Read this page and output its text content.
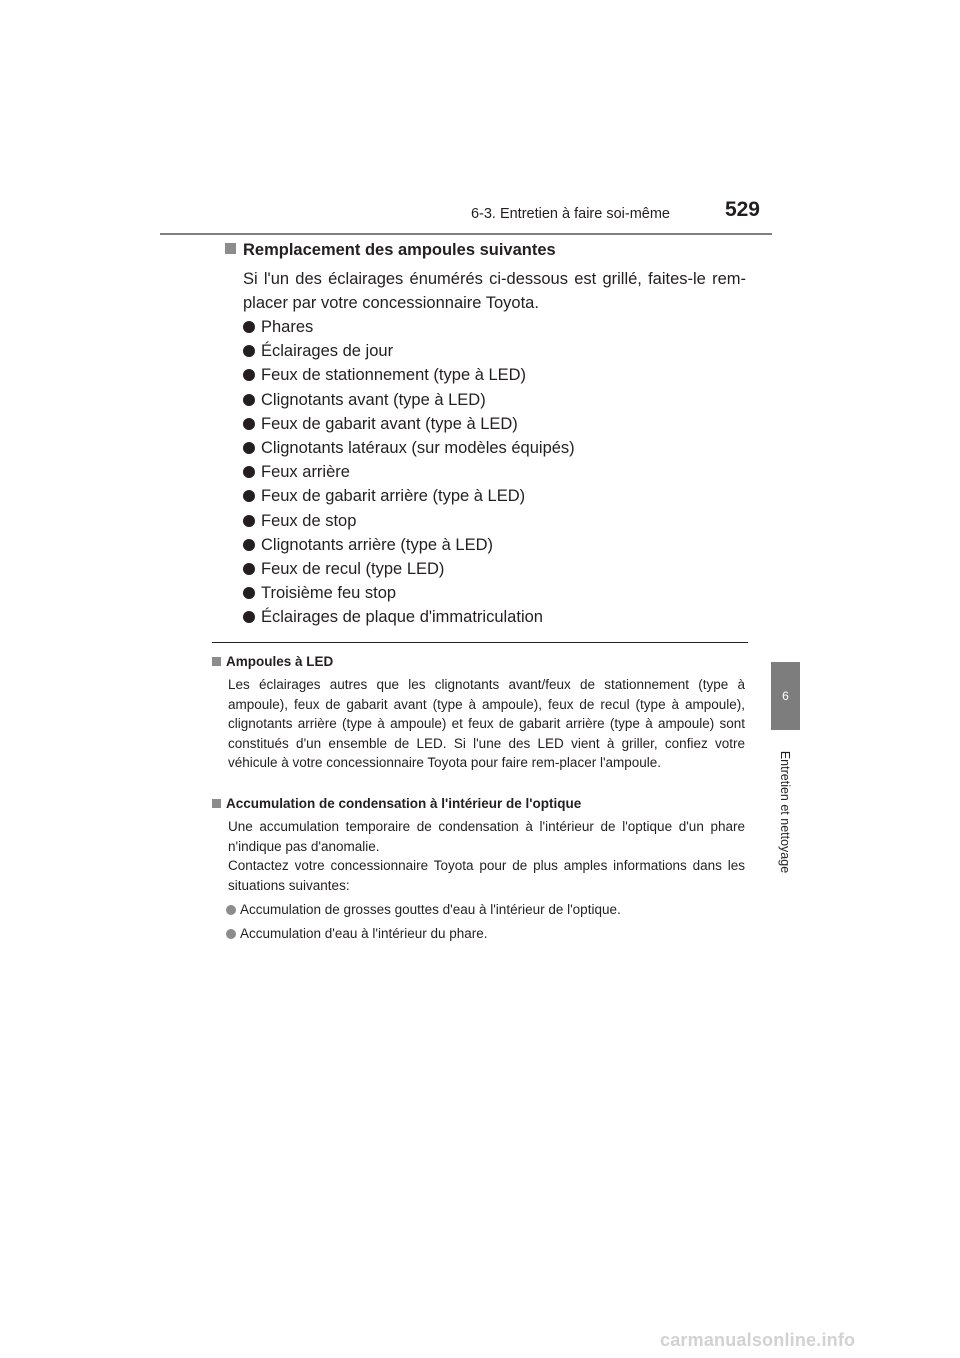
6-3. Entretien à faire soi-même	529
6
Entretien et nettoyage
Remplacement des ampoules suivantes
Si l'un des éclairages énumérés ci-dessous est grillé, faites-le rem-placer par votre concessionnaire Toyota.
Phares
Éclairages de jour
Feux de stationnement (type à LED)
Clignotants avant (type à LED)
Feux de gabarit avant (type à LED)
Clignotants latéraux (sur modèles équipés)
Feux arrière
Feux de gabarit arrière (type à LED)
Feux de stop
Clignotants arrière (type à LED)
Feux de recul (type LED)
Troisième feu stop
Éclairages de plaque d'immatriculation
Ampoules à LED

Les éclairages autres que les clignotants avant/feux de stationnement (type à ampoule), feux de gabarit avant (type à ampoule), feux de recul (type à ampoule), clignotants arrière (type à ampoule) et feux de gabarit arrière (type à ampoule) sont constitués d'un ensemble de LED. Si l'une des LED vient à griller, confiez votre véhicule à votre concessionnaire Toyota pour faire rem-placer l'ampoule.

Accumulation de condensation à l'intérieur de l'optique

Une accumulation temporaire de condensation à l'intérieur de l'optique d'un phare n'indique pas d'anomalie.

Contactez votre concessionnaire Toyota pour de plus amples informations dans les situations suivantes:

Accumulation de grosses gouttes d'eau à l'intérieur de l'optique.
Accumulation d'eau à l'intérieur du phare.
carmanualsonline.info
